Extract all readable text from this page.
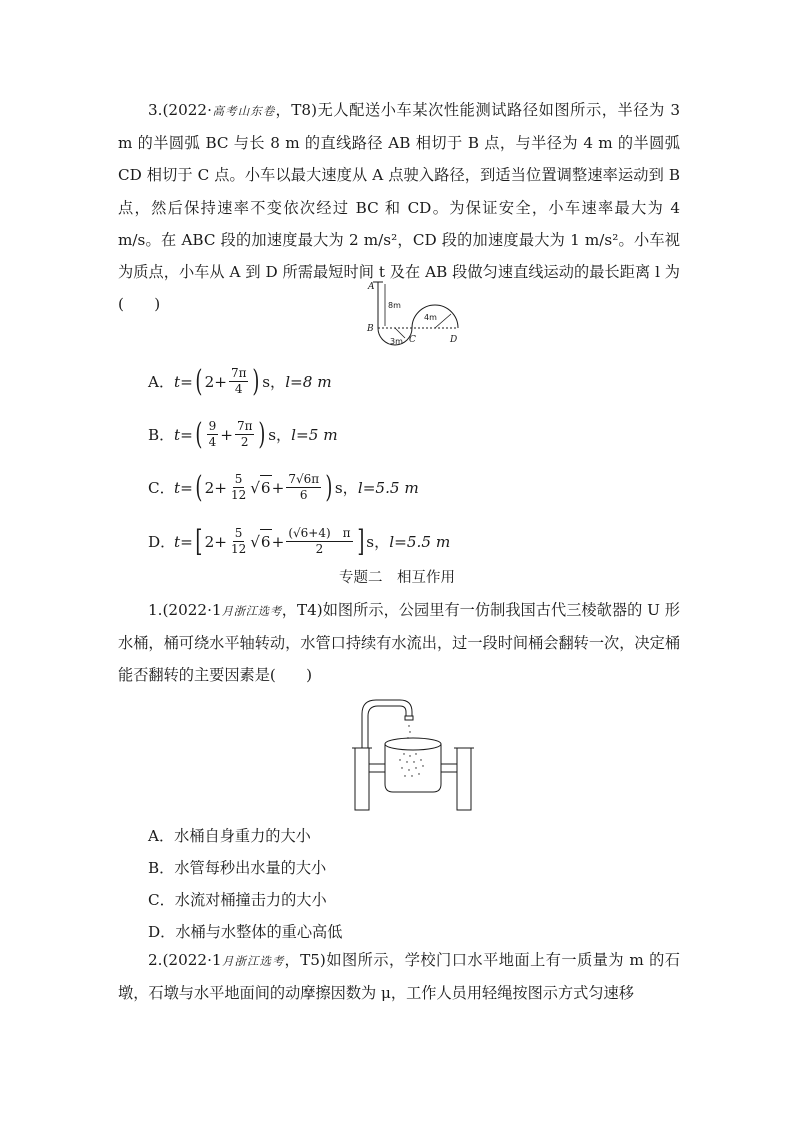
3.(2022·高考山东卷，T8)无人配送小车某次性能测试路径如图所示，半径为 3 m 的半圆弧 BC 与长 8 m 的直线路径 AB 相切于 B 点，与半径为 4 m 的半圆弧 CD 相切于 C 点。小车以最大速度从 A 点驶入路径，到适当位置调整速率运动到 B 点，然后保持速率不变依次经过 BC 和 CD。为保证安全，小车速率最大为 4 m/s。在 ABC 段的加速度最大为 2 m/s²，CD 段的加速度最大为 1 m/s²。小车视为质点，小车从 A 到 D 所需最短时间 t 及在 AB 段做匀速直线运动的最长距离 l 为(　　)

A
B
C	D
8m
3m
4m
A． t= ( $2+ \frac{7\pi}{4}$ ) s， l=8 m
B． t= ( $\frac{9}{4} + \frac{7\pi}{2}$ ) s， l=5 m
C． t= ( $2+ \frac{5}{12}$ √ $6 + \frac{7√6\pi}{6}$ ) s， l=5.5 m
D．
t= [ $2+ \frac{5}{12}$ √ $6 + \frac{(√6+4) \pi}{2}$ ] s， l=5.5 m
专题二　相互作用

1.(2022·1月浙江选考，T4)如图所示，公园里有一仿制我国古代三棱欹器的 U 形水桶，桶可绕水平轴转动，水管口持续有水流出，过一段时间桶会翻转一次，决定桶能否翻转的主要因素是(　　)

A．水桶自身重力的大小
B．水管每秒出水量的大小
C．水流对桶撞击力的大小
D．水桶与水整体的重心高低

2.(2022·1月浙江选考，T5)如图所示，学校门口水平地面上有一质量为 m 的石墩，石墩与水平地面间的动摩擦因数为 μ，工作人员用轻绳按图示方式匀速移
